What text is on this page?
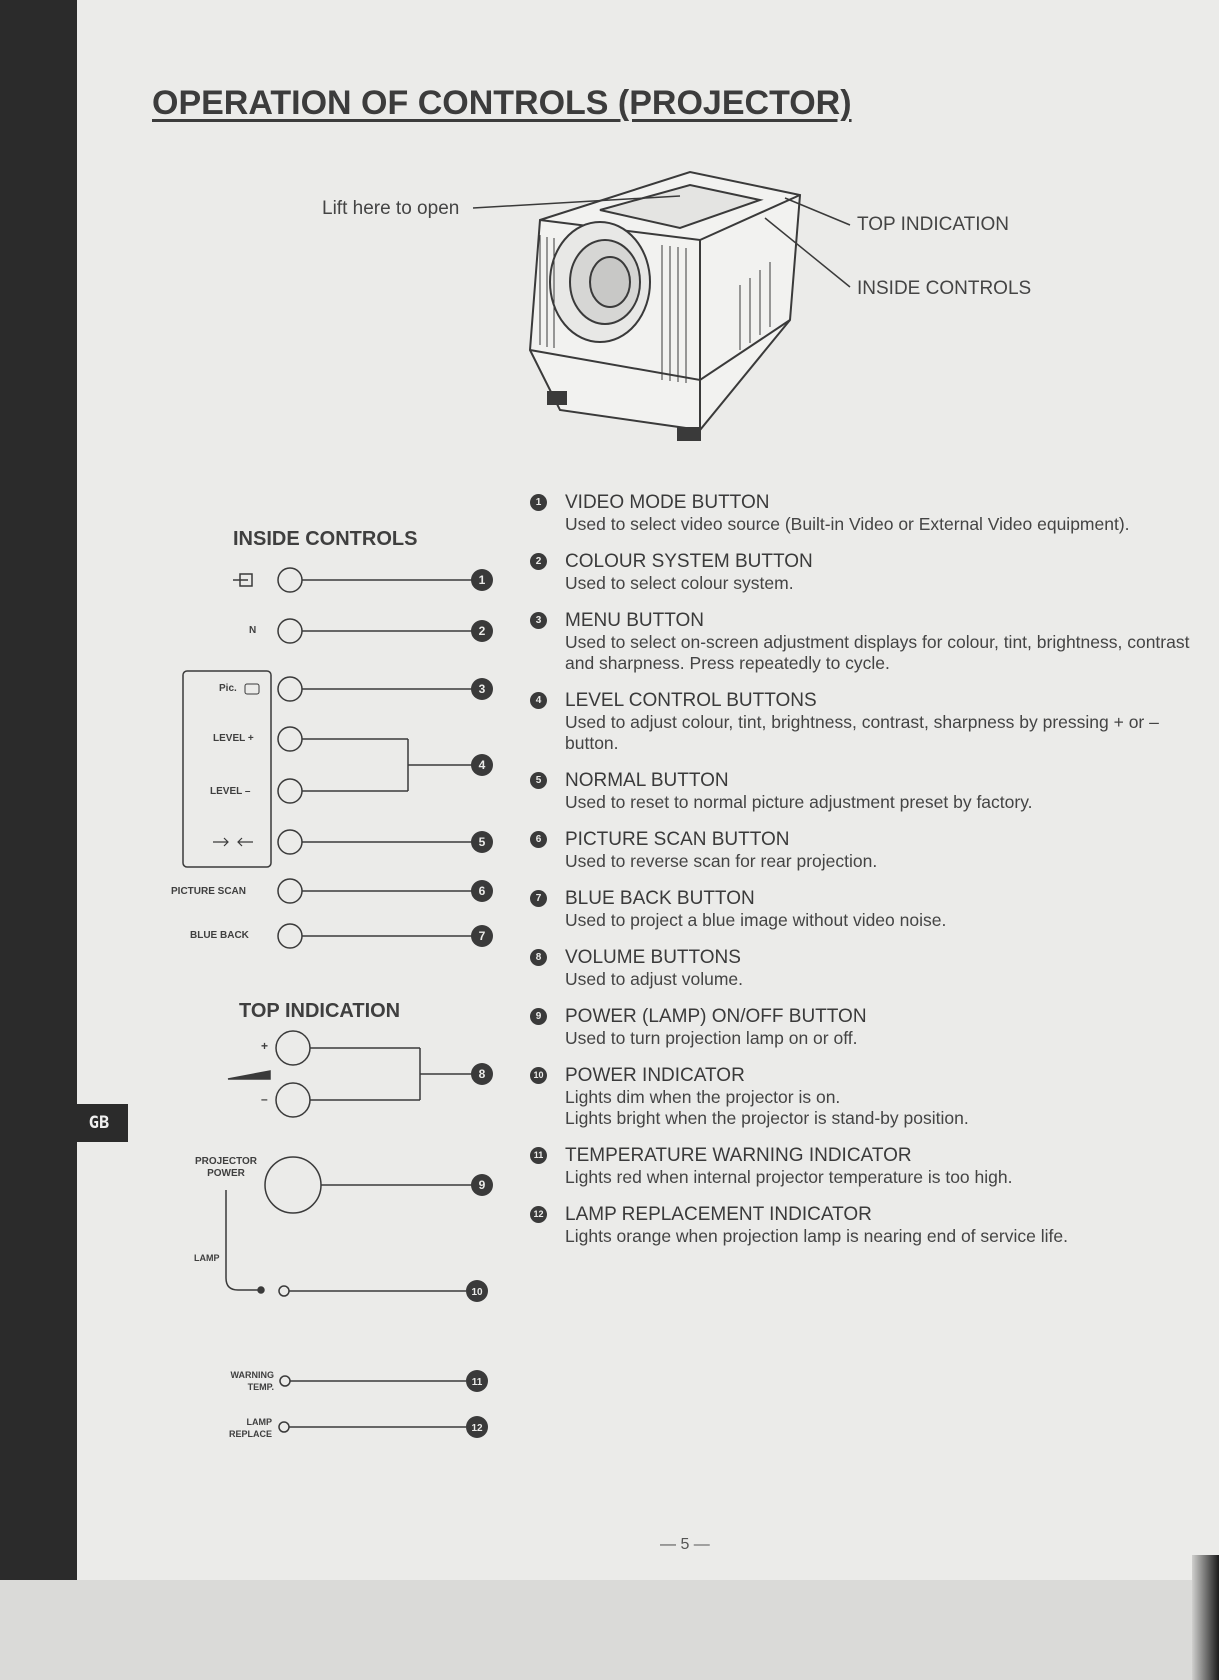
GB
OPERATION OF CONTROLS (PROJECTOR)
1
2
3
4
5
6
7
8
9
10
11
12
Lift here to open
TOP INDICATION
INSIDE CONTROLS
INSIDE CONTROLS
N
Pic.
LEVEL +
LEVEL –
PICTURE SCAN
BLUE BACK
TOP INDICATION
+
–
PROJECTOR
POWER
LAMP
WARNING
TEMP.
LAMP
REPLACE
1	VIDEO MODE BUTTON
Used to select video source (Built-in Video or External Video equipment).
2	COLOUR SYSTEM BUTTON
Used to select colour system.
3	MENU BUTTON
Used to select on-screen adjustment displays for colour, tint, brightness, contrast and sharpness. Press repeatedly to cycle.
4	LEVEL CONTROL BUTTONS
Used to adjust colour, tint, brightness, contrast, sharpness by pressing + or – button.
5	NORMAL BUTTON
Used to reset to normal picture adjustment preset by factory.
6	PICTURE SCAN BUTTON
Used to reverse scan for rear projection.
7	BLUE BACK BUTTON
Used to project a blue image without video noise.
8	VOLUME BUTTONS
Used to adjust volume.
9	POWER (LAMP) ON/OFF BUTTON
Used to turn projection lamp on or off.
10 POWER INDICATOR
Lights dim when the projector is on.
Lights bright when the projector is stand-by position.
11 TEMPERATURE WARNING INDICATOR
Lights red when internal projector temperature is too high.
12 LAMP REPLACEMENT INDICATOR
Lights orange when projection lamp is nearing end of service life.
— 5 —
